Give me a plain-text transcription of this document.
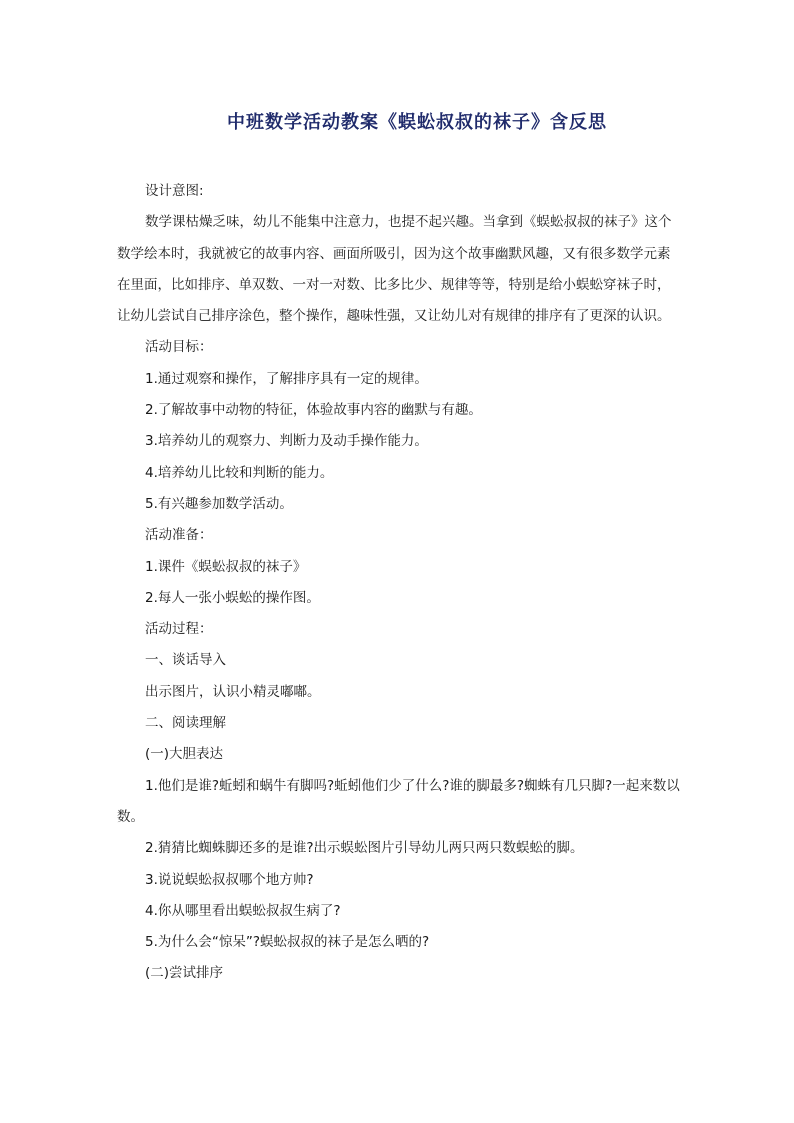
中班数学活动教案《蜈蚣叔叔的袜子》含反思

设计意图:

数学课枯燥乏味，幼儿不能集中注意力，也提不起兴趣。当拿到《蜈蚣叔叔的袜子》这个数学绘本时，我就被它的故事内容、画面所吸引，因为这个故事幽默风趣，又有很多数学元素在里面，比如排序、单双数、一对一对数、比多比少、规律等等，特别是给小蜈蚣穿袜子时，让幼儿尝试自己排序涂色，整个操作，趣味性强，又让幼儿对有规律的排序有了更深的认识。

活动目标：

1.通过观察和操作，了解排序具有一定的规律。

2.了解故事中动物的特征，体验故事内容的幽默与有趣。

3.培养幼儿的观察力、判断力及动手操作能力。

4.培养幼儿比较和判断的能力。

5.有兴趣参加数学活动。

活动准备：

1.课件《蜈蚣叔叔的袜子》

2.每人一张小蜈蚣的操作图。

活动过程：

一、谈话导入

出示图片，认识小精灵嘟嘟。

二、阅读理解

(一)大胆表达

1.他们是谁?蚯蚓和蜗牛有脚吗?蚯蚓他们少了什么?谁的脚最多?蜘蛛有几只脚?一起来数以数。

2.猜猜比蜘蛛脚还多的是谁?出示蜈蚣图片引导幼儿两只两只数蜈蚣的脚。

3.说说蜈蚣叔叔哪个地方帅?

4.你从哪里看出蜈蚣叔叔生病了?

5.为什么会“惊呆”?蜈蚣叔叔的袜子是怎么晒的?

(二)尝试排序
